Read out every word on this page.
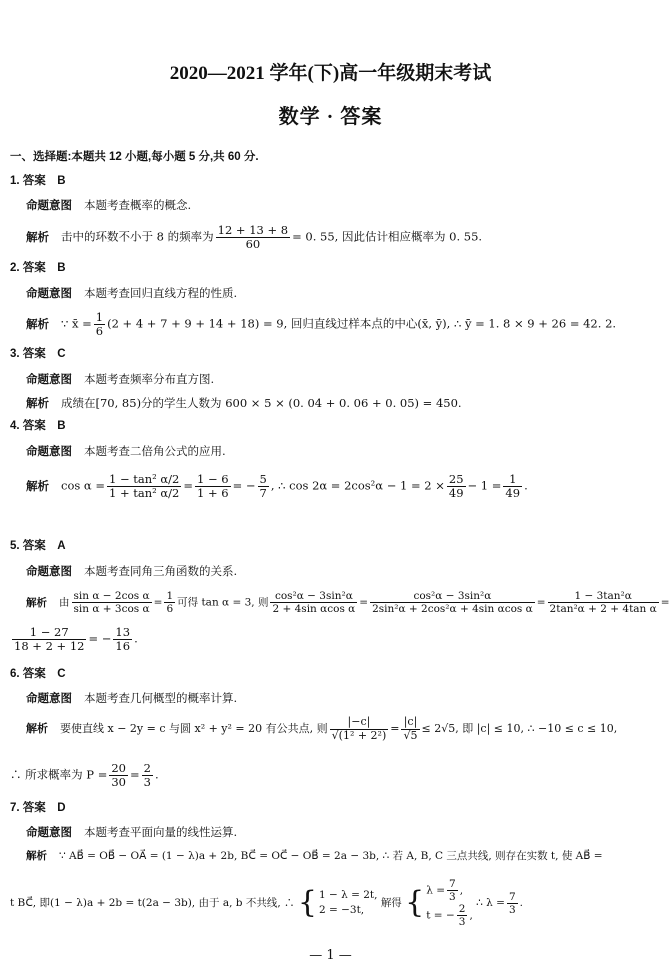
2020—2021 学年(下)高一年级期末考试
数学 · 答案
一、选择题:本题共 12 小题,每小题 5 分,共 60 分.
1. 答案　B
命题意图 本题考查概率的概念.
解析 击中的环数不小于 8 的频率为 $\frac{12 + 13 + 8}{60} = 0$. 55, 因此估计相应概率为 0. 55.
2. 答案　B
命题意图 本题考查回归直线方程的性质.
解析 ∵ x̄ = $\frac{1}{6} (2 + 4 + 7 + 9 + 14 + 18) = 9$, 回归直线过样本点的中心(x̄, ȳ), ∴ ȳ = 1. 8 × 9 + 26 = 42. 2.
3. 答案　C
命题意图 本题考查频率分布直方图.
解析 成绩在[70, 85)分的学生人数为 600 × 5 × (0. 04 + 0. 06 + 0. 05) = 450.
4. 答案　B
命题意图 本题考查二倍角公式的应用.
解析 $\cos \alpha = \frac{\text{1 − tan² α/2}}{\text{1 + tan² α/2}} = \frac{1 - 6}{1 + 6}$ = − $\frac{5}{7}$ , ∴ $\cos 2\alpha = 2\cos^2\alpha - 1 = 2 \times \frac{25}{49} - 1 = \frac{1}{49}$ .
5. 答案　A
命题意图 本题考查同角三角函数的关系.
解析 由 $\frac{\text{sin α − 2cos α}}{\text{sin α + 3cos α}} = \frac{1}{6}$ 可得 tan α = 3, 则 $\frac{\text{cos²α − 3sin²α}}{\text{2 + 4sin αcos α}} = \frac{\text{cos²α − 3sin²α}}{\text{2sin²α + 2cos²α + 4sin αcos α}} = \frac{\text{1 − 3tan²α}}{\text{2tan²α + 2 + 4tan α}}$ =
$\frac{1 - 27}{18 + 2 + 12}$ = − $\frac{13}{16}$ .
6. 答案　C
命题意图 本题考查几何概型的概率计算.
解析 要使直线 x − 2y = c 与圆 x² + y² = 20 有公共点, 则 $\frac{|-c|}{\text{√(1² + 2²)}} = \frac{|c|}{√5} \le 2√5$, 即 |c| ≤ 10, ∴ −10 ≤ c ≤ 10,
∴ 所求概率为 $P = \frac{20}{30} = \frac{2}{3}$ .
7. 答案　D
命题意图 本题考查平面向量的线性运算.
解析 ∵ AB⃗ = OB⃗ − OA⃗ = (1 − λ)a + 2b, BC⃗ = OC⃗ − OB⃗ = 2a − 3b, ∴ 若 A, B, C 三点共线, 则存在实数 t, 使 AB⃗ =
t BC⃗, 即(1 − λ)a + 2b = t(2a − 3b), 由于 a, b 不共线, ∴ { 1 − λ = 2t,
2 = −3t,
解得 { $\lambda = \frac{7}{3}$ ,
t = − $\frac{2}{3}$ ,
∴ $\lambda = \frac{7}{3}$ .
— 1 —
